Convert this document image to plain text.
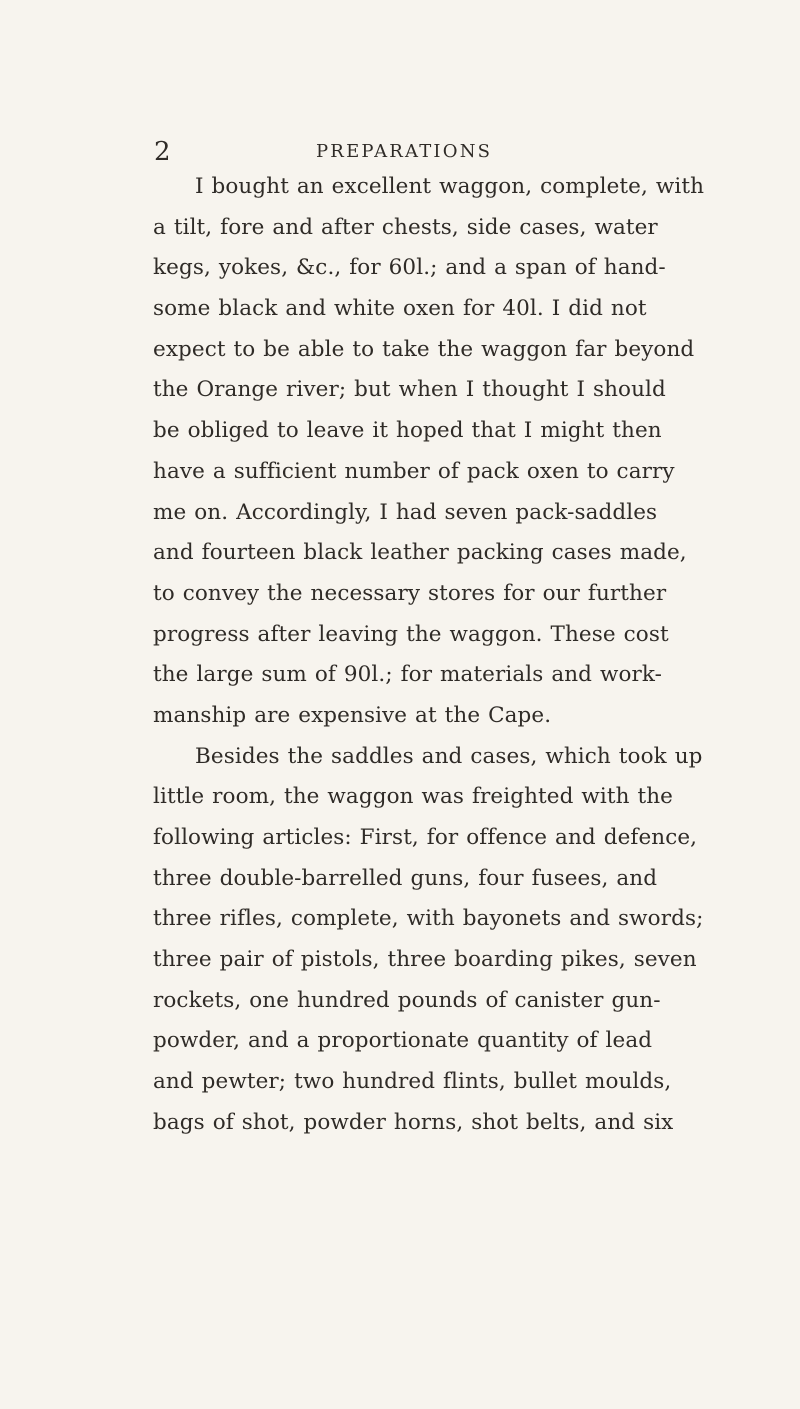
2	PREPARATIONS
I bought an excellent waggon, complete, with
a tilt, fore and after chests, side cases, water
kegs, yokes, &c., for 60l.; and a span of hand-
some black and white oxen for 40l. I did not
expect to be able to take the waggon far beyond
the Orange river; but when I thought I should
be obliged to leave it hoped that I might then
have a sufficient number of pack oxen to carry
me on. Accordingly, I had seven pack-saddles
and fourteen black leather packing cases made,
to convey the necessary stores for our further
progress after leaving the waggon. These cost
the large sum of 90l.; for materials and work-
manship are expensive at the Cape.
Besides the saddles and cases, which took up
little room, the waggon was freighted with the
following articles: First, for offence and defence,
three double-barrelled guns, four fusees, and
three rifles, complete, with bayonets and swords;
three pair of pistols, three boarding pikes, seven
rockets, one hundred pounds of canister gun-
powder, and a proportionate quantity of lead
and pewter; two hundred flints, bullet moulds,
bags of shot, powder horns, shot belts, and six
